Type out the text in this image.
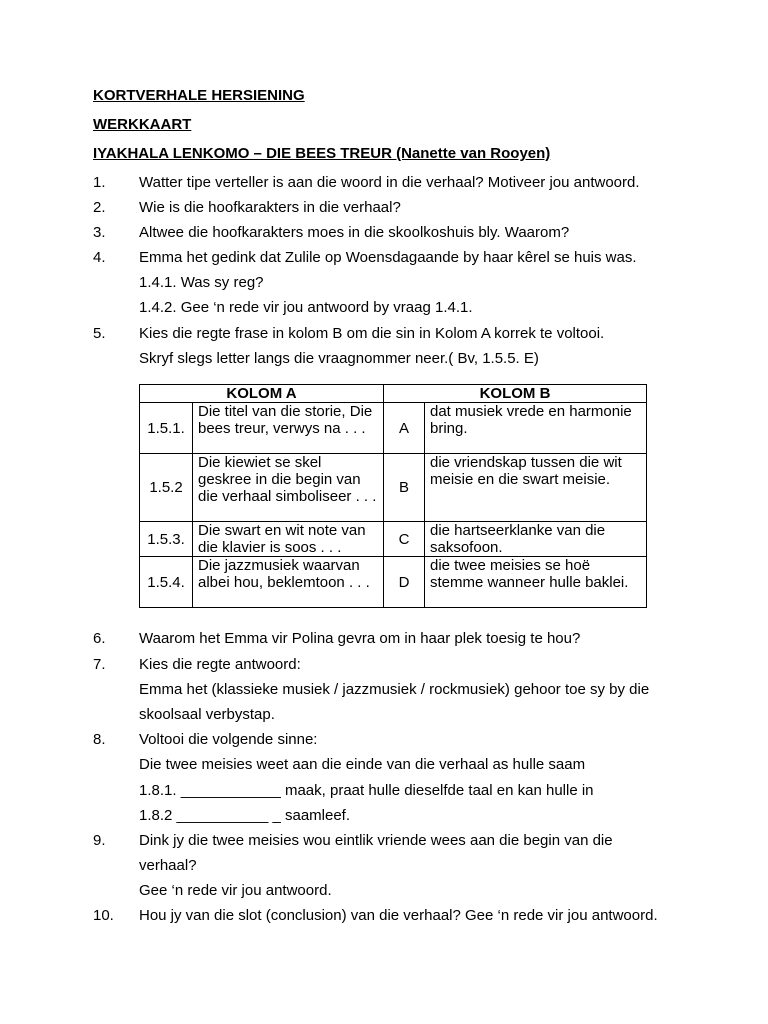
KORTVERHALE HERSIENING
WERKKAART
IYAKHALA LENKOMO – DIE BEES TREUR (Nanette van Rooyen)
1. Watter tipe verteller is aan die woord in die verhaal? Motiveer jou antwoord.
2. Wie is die hoofkarakters in die verhaal?
3. Altwee die hoofkarakters moes in die skoolkoshuis bly. Waarom?
4. Emma het gedink dat Zulile op Woensdagaande by haar kêrel se huis was.
1.4.1. Was sy reg?
1.4.2. Gee ‘n rede vir jou antwoord by vraag 1.4.1.
5. Kies die regte frase in kolom B om die sin in Kolom A korrek te voltooi.
Skryf slegs letter langs die vraagnommer neer.( Bv, 1.5.5. E)
KOLOM A		KOLOM B	
1.5.1.	Die titel van die storie, Die bees treur, verwys na . . .	A	dat musiek vrede en harmonie bring.
1.5.2	Die kiewiet se skel geskree in die begin van die verhaal simboliseer . . .	B	die vriendskap tussen die wit meisie en die swart meisie.
1.5.3.	Die swart en wit note van die klavier is soos . . .	C	die hartseerklanke van die saksofoon.
1.5.4.	Die jazzmusiek waarvan albei hou, beklemtoon . . .	D	die twee meisies se hoë stemme wanneer hulle baklei.
6. Waarom het Emma vir Polina gevra om in haar plek toesig te hou?
7. Kies die regte antwoord:
Emma het (klassieke musiek / jazzmusiek / rockmusiek) gehoor toe sy by die
skoolsaal verbystap.
8. Voltooi die volgende sinne:
Die twee meisies weet aan die einde van die verhaal as hulle saam
1.8.1. ____________ maak, praat hulle dieselfde taal en kan hulle in
1.8.2 ___________ _ saamleef.
9. Dink jy die twee meisies wou eintlik vriende wees aan die begin van die
verhaal?
Gee ‘n rede vir jou antwoord.
10. Hou jy van die slot (conclusion) van die verhaal? Gee ‘n rede vir jou antwoord.
